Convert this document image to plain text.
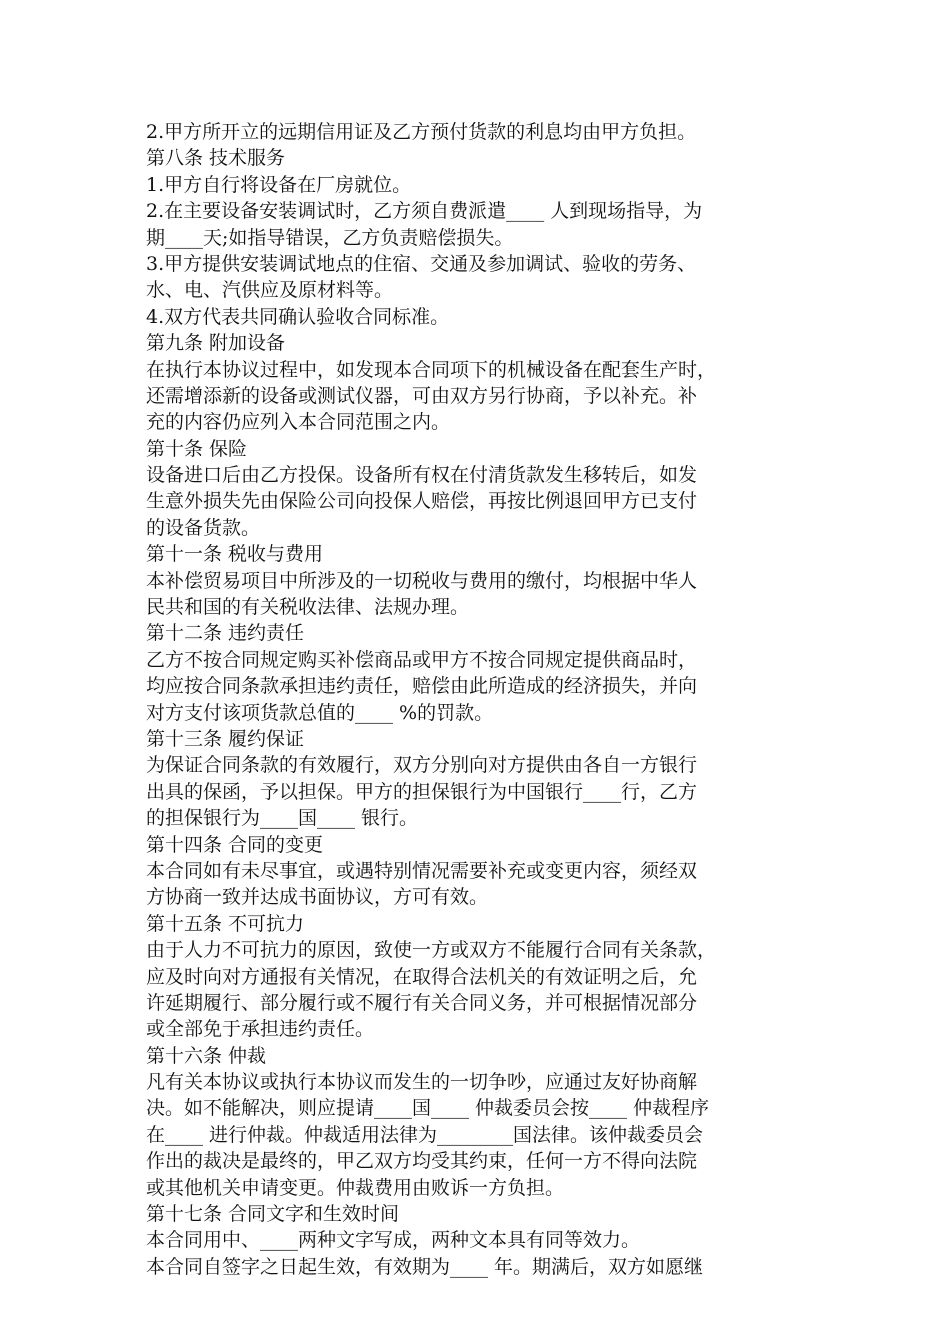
2.甲方所开立的远期信用证及乙方预付货款的利息均由甲方负担。
第八条 技术服务
1.甲方自行将设备在厂房就位。
2.在主要设备安装调试时，乙方须自费派遣____ 人到现场指导，为
期____天;如指导错误，乙方负责赔偿损失。
3.甲方提供安装调试地点的住宿、交通及参加调试、验收的劳务、
水、电、汽供应及原材料等。
4.双方代表共同确认验收合同标准。
第九条 附加设备
在执行本协议过程中，如发现本合同项下的机械设备在配套生产时，
还需增添新的设备或测试仪器，可由双方另行协商，予以补充。补
充的内容仍应列入本合同范围之内。
第十条 保险
设备进口后由乙方投保。设备所有权在付清货款发生移转后，如发
生意外损失先由保险公司向投保人赔偿，再按比例退回甲方已支付
的设备货款。
第十一条 税收与费用
本补偿贸易项目中所涉及的一切税收与费用的缴付，均根据中华人
民共和国的有关税收法律、法规办理。
第十二条 违约责任
乙方不按合同规定购买补偿商品或甲方不按合同规定提供商品时，
均应按合同条款承担违约责任，赔偿由此所造成的经济损失，并向
对方支付该项货款总值的____ %的罚款。
第十三条 履约保证
为保证合同条款的有效履行，双方分别向对方提供由各自一方银行
出具的保函，予以担保。甲方的担保银行为中国银行____行，乙方
的担保银行为____国____ 银行。
第十四条 合同的变更
本合同如有未尽事宜，或遇特别情况需要补充或变更内容，须经双
方协商一致并达成书面协议，方可有效。
第十五条 不可抗力
由于人力不可抗力的原因，致使一方或双方不能履行合同有关条款，
应及时向对方通报有关情况，在取得合法机关的有效证明之后，允
许延期履行、部分履行或不履行有关合同义务，并可根据情况部分
或全部免于承担违约责任。
第十六条 仲裁
凡有关本协议或执行本协议而发生的一切争吵，应通过友好协商解
决。如不能解决，则应提请____国____ 仲裁委员会按____ 仲裁程序
在____ 进行仲裁。仲裁适用法律为________国法律。该仲裁委员会
作出的裁决是最终的，甲乙双方均受其约束，任何一方不得向法院
或其他机关申请变更。仲裁费用由败诉一方负担。
第十七条 合同文字和生效时间
本合同用中、____两种文字写成，两种文本具有同等效力。
本合同自签字之日起生效，有效期为____ 年。期满后，双方如愿继
